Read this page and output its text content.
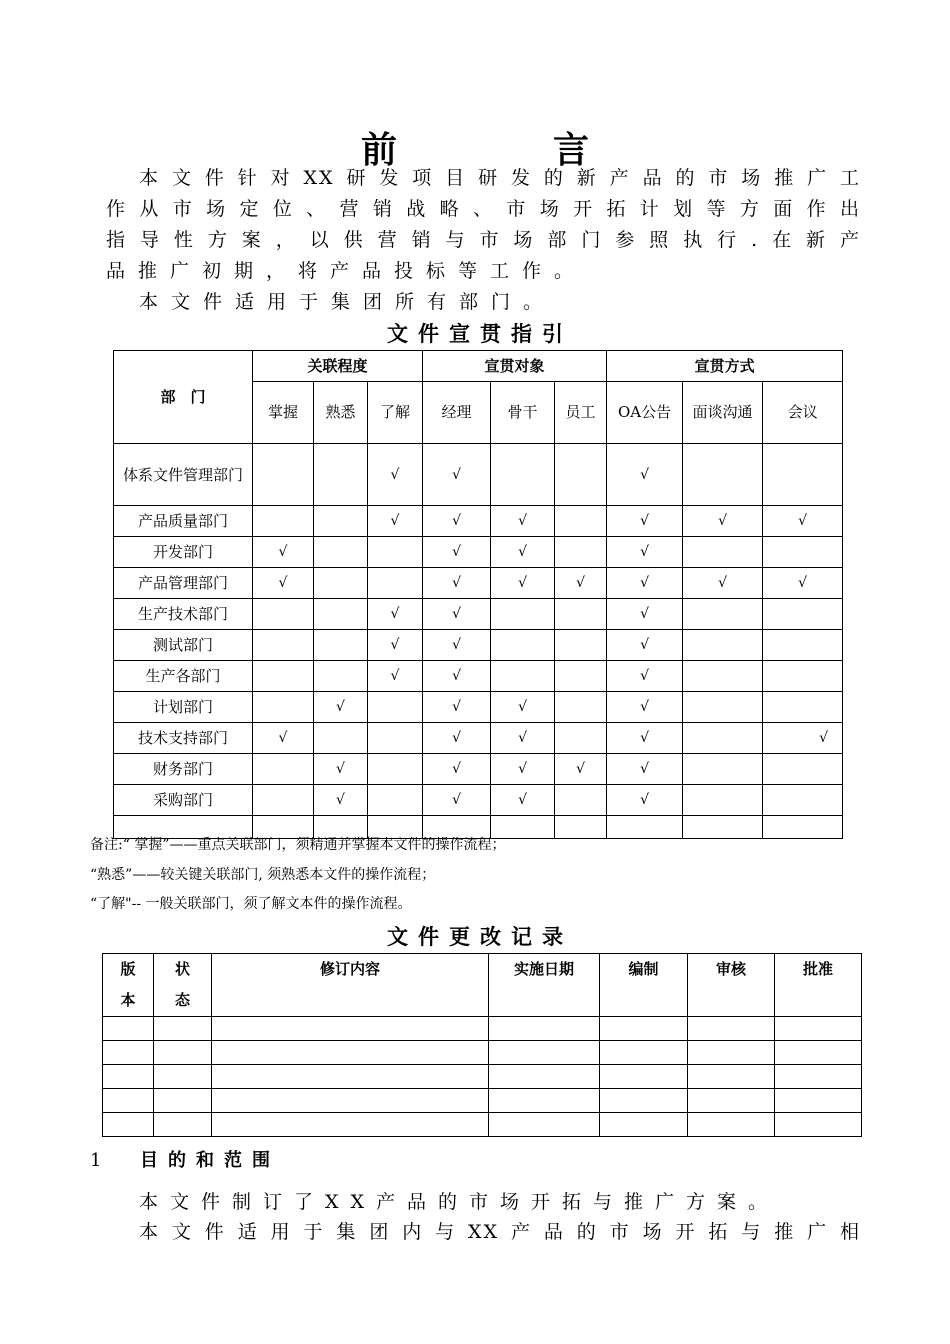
前　言
本文件针对XX研发项目研发的新产品的市场推广工
作从市场定位、营销战略、市场开拓计划等方面作出
指导性方案，以供营销与市场部门参照执行.在新产
品推广初期，将产品投标等工作。
本文件适用于集团所有部门。
文件宣贯指引
部　门	关联程度			宣贯对象			宣贯方式		
	掌握	熟悉	了解	经理	骨干	员工	OA公告	面谈沟通	会议
体系文件管理部门			√	√			√		
产品质量部门			√	√	√		√	√	√
开发部门	√			√	√		√		
产品管理部门	√			√	√	√	√	√	√
生产技术部门			√	√			√		
测试部门			√	√			√		
生产各部门			√	√			√		
计划部门		√		√	√		√		
技术支持部门	√			√	√		√		√
财务部门		√		√	√	√	√		
采购部门		√		√	√		√		

备注:“ 掌握”——重点关联部门，须精通并掌握本文件的操作流程；
“熟悉”——较关键关联部门, 须熟悉本文件的操作流程；
“了解"-- 一般关联部门，须了解文本件的操作流程。
文件更改记录
版本	状态	修订内容	实施日期	编制	审核	批准

1 目的和范围
本文件制订了XX产品的市场开拓与推广方案。
本文件适用于集团内与XX产品的市场开拓与推广相
